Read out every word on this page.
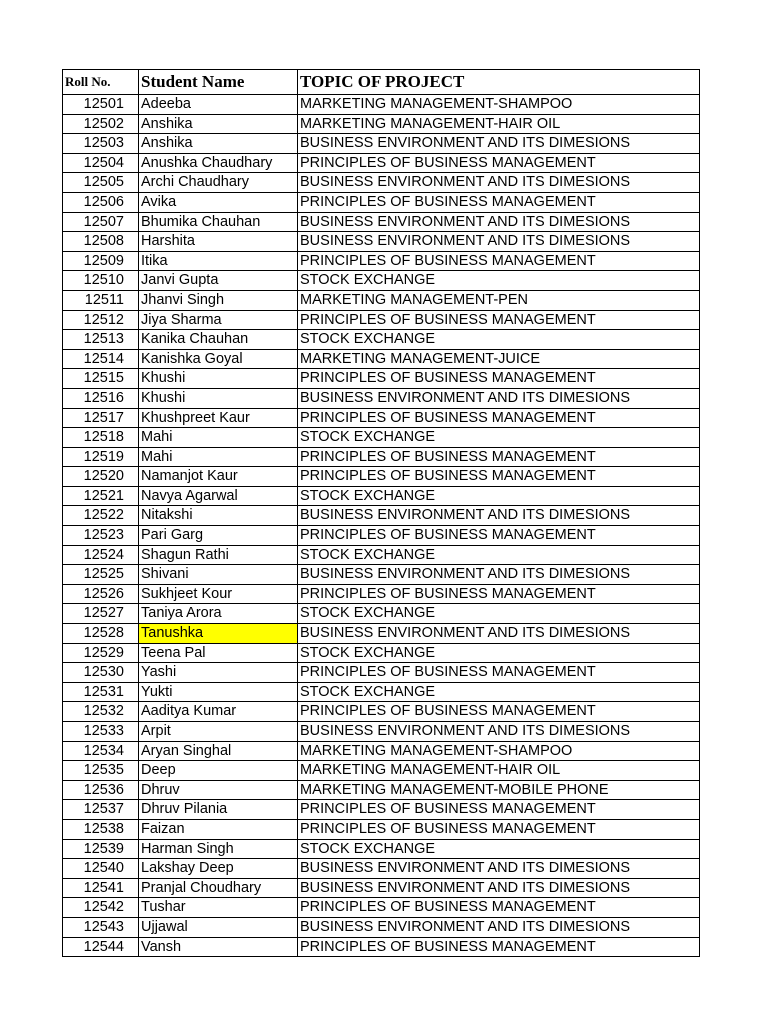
Roll No.	Student Name	TOPIC OF PROJECT
12501	Adeeba	MARKETING MANAGEMENT-SHAMPOO
12502	Anshika	MARKETING MANAGEMENT-HAIR OIL
12503	Anshika	BUSINESS ENVIRONMENT AND ITS DIMESIONS
12504	Anushka Chaudhary	PRINCIPLES OF BUSINESS MANAGEMENT
12505	Archi Chaudhary	BUSINESS ENVIRONMENT AND ITS DIMESIONS
12506	Avika	PRINCIPLES OF BUSINESS MANAGEMENT
12507	Bhumika Chauhan	BUSINESS ENVIRONMENT AND ITS DIMESIONS
12508	Harshita	BUSINESS ENVIRONMENT AND ITS DIMESIONS
12509	Itika	PRINCIPLES OF BUSINESS MANAGEMENT
12510	Janvi Gupta	STOCK EXCHANGE
12511	Jhanvi Singh	MARKETING MANAGEMENT-PEN
12512	Jiya Sharma	PRINCIPLES OF BUSINESS MANAGEMENT
12513	Kanika Chauhan	STOCK EXCHANGE
12514	Kanishka Goyal	MARKETING MANAGEMENT-JUICE
12515	Khushi	PRINCIPLES OF BUSINESS MANAGEMENT
12516	Khushi	BUSINESS ENVIRONMENT AND ITS DIMESIONS
12517	Khushpreet Kaur	PRINCIPLES OF BUSINESS MANAGEMENT
12518	Mahi	STOCK EXCHANGE
12519	Mahi	PRINCIPLES OF BUSINESS MANAGEMENT
12520	Namanjot Kaur	PRINCIPLES OF BUSINESS MANAGEMENT
12521	Navya Agarwal	STOCK EXCHANGE
12522	Nitakshi	BUSINESS ENVIRONMENT AND ITS DIMESIONS
12523	Pari Garg	PRINCIPLES OF BUSINESS MANAGEMENT
12524	Shagun Rathi	STOCK EXCHANGE
12525	Shivani	BUSINESS ENVIRONMENT AND ITS DIMESIONS
12526	Sukhjeet Kour	PRINCIPLES OF BUSINESS MANAGEMENT
12527	Taniya Arora	STOCK EXCHANGE
12528	Tanushka	BUSINESS ENVIRONMENT AND ITS DIMESIONS
12529	Teena Pal	STOCK EXCHANGE
12530	Yashi	PRINCIPLES OF BUSINESS MANAGEMENT
12531	Yukti	STOCK EXCHANGE
12532	Aaditya Kumar	PRINCIPLES OF BUSINESS MANAGEMENT
12533	Arpit	BUSINESS ENVIRONMENT AND ITS DIMESIONS
12534	Aryan Singhal	MARKETING MANAGEMENT-SHAMPOO
12535	Deep	MARKETING MANAGEMENT-HAIR OIL
12536	Dhruv	MARKETING MANAGEMENT-MOBILE PHONE
12537	Dhruv Pilania	PRINCIPLES OF BUSINESS MANAGEMENT
12538	Faizan	PRINCIPLES OF BUSINESS MANAGEMENT
12539	Harman Singh	STOCK EXCHANGE
12540	Lakshay Deep	BUSINESS ENVIRONMENT AND ITS DIMESIONS
12541	Pranjal Choudhary	BUSINESS ENVIRONMENT AND ITS DIMESIONS
12542	Tushar	PRINCIPLES OF BUSINESS MANAGEMENT
12543	Ujjawal	BUSINESS ENVIRONMENT AND ITS DIMESIONS
12544	Vansh	PRINCIPLES OF BUSINESS MANAGEMENT
